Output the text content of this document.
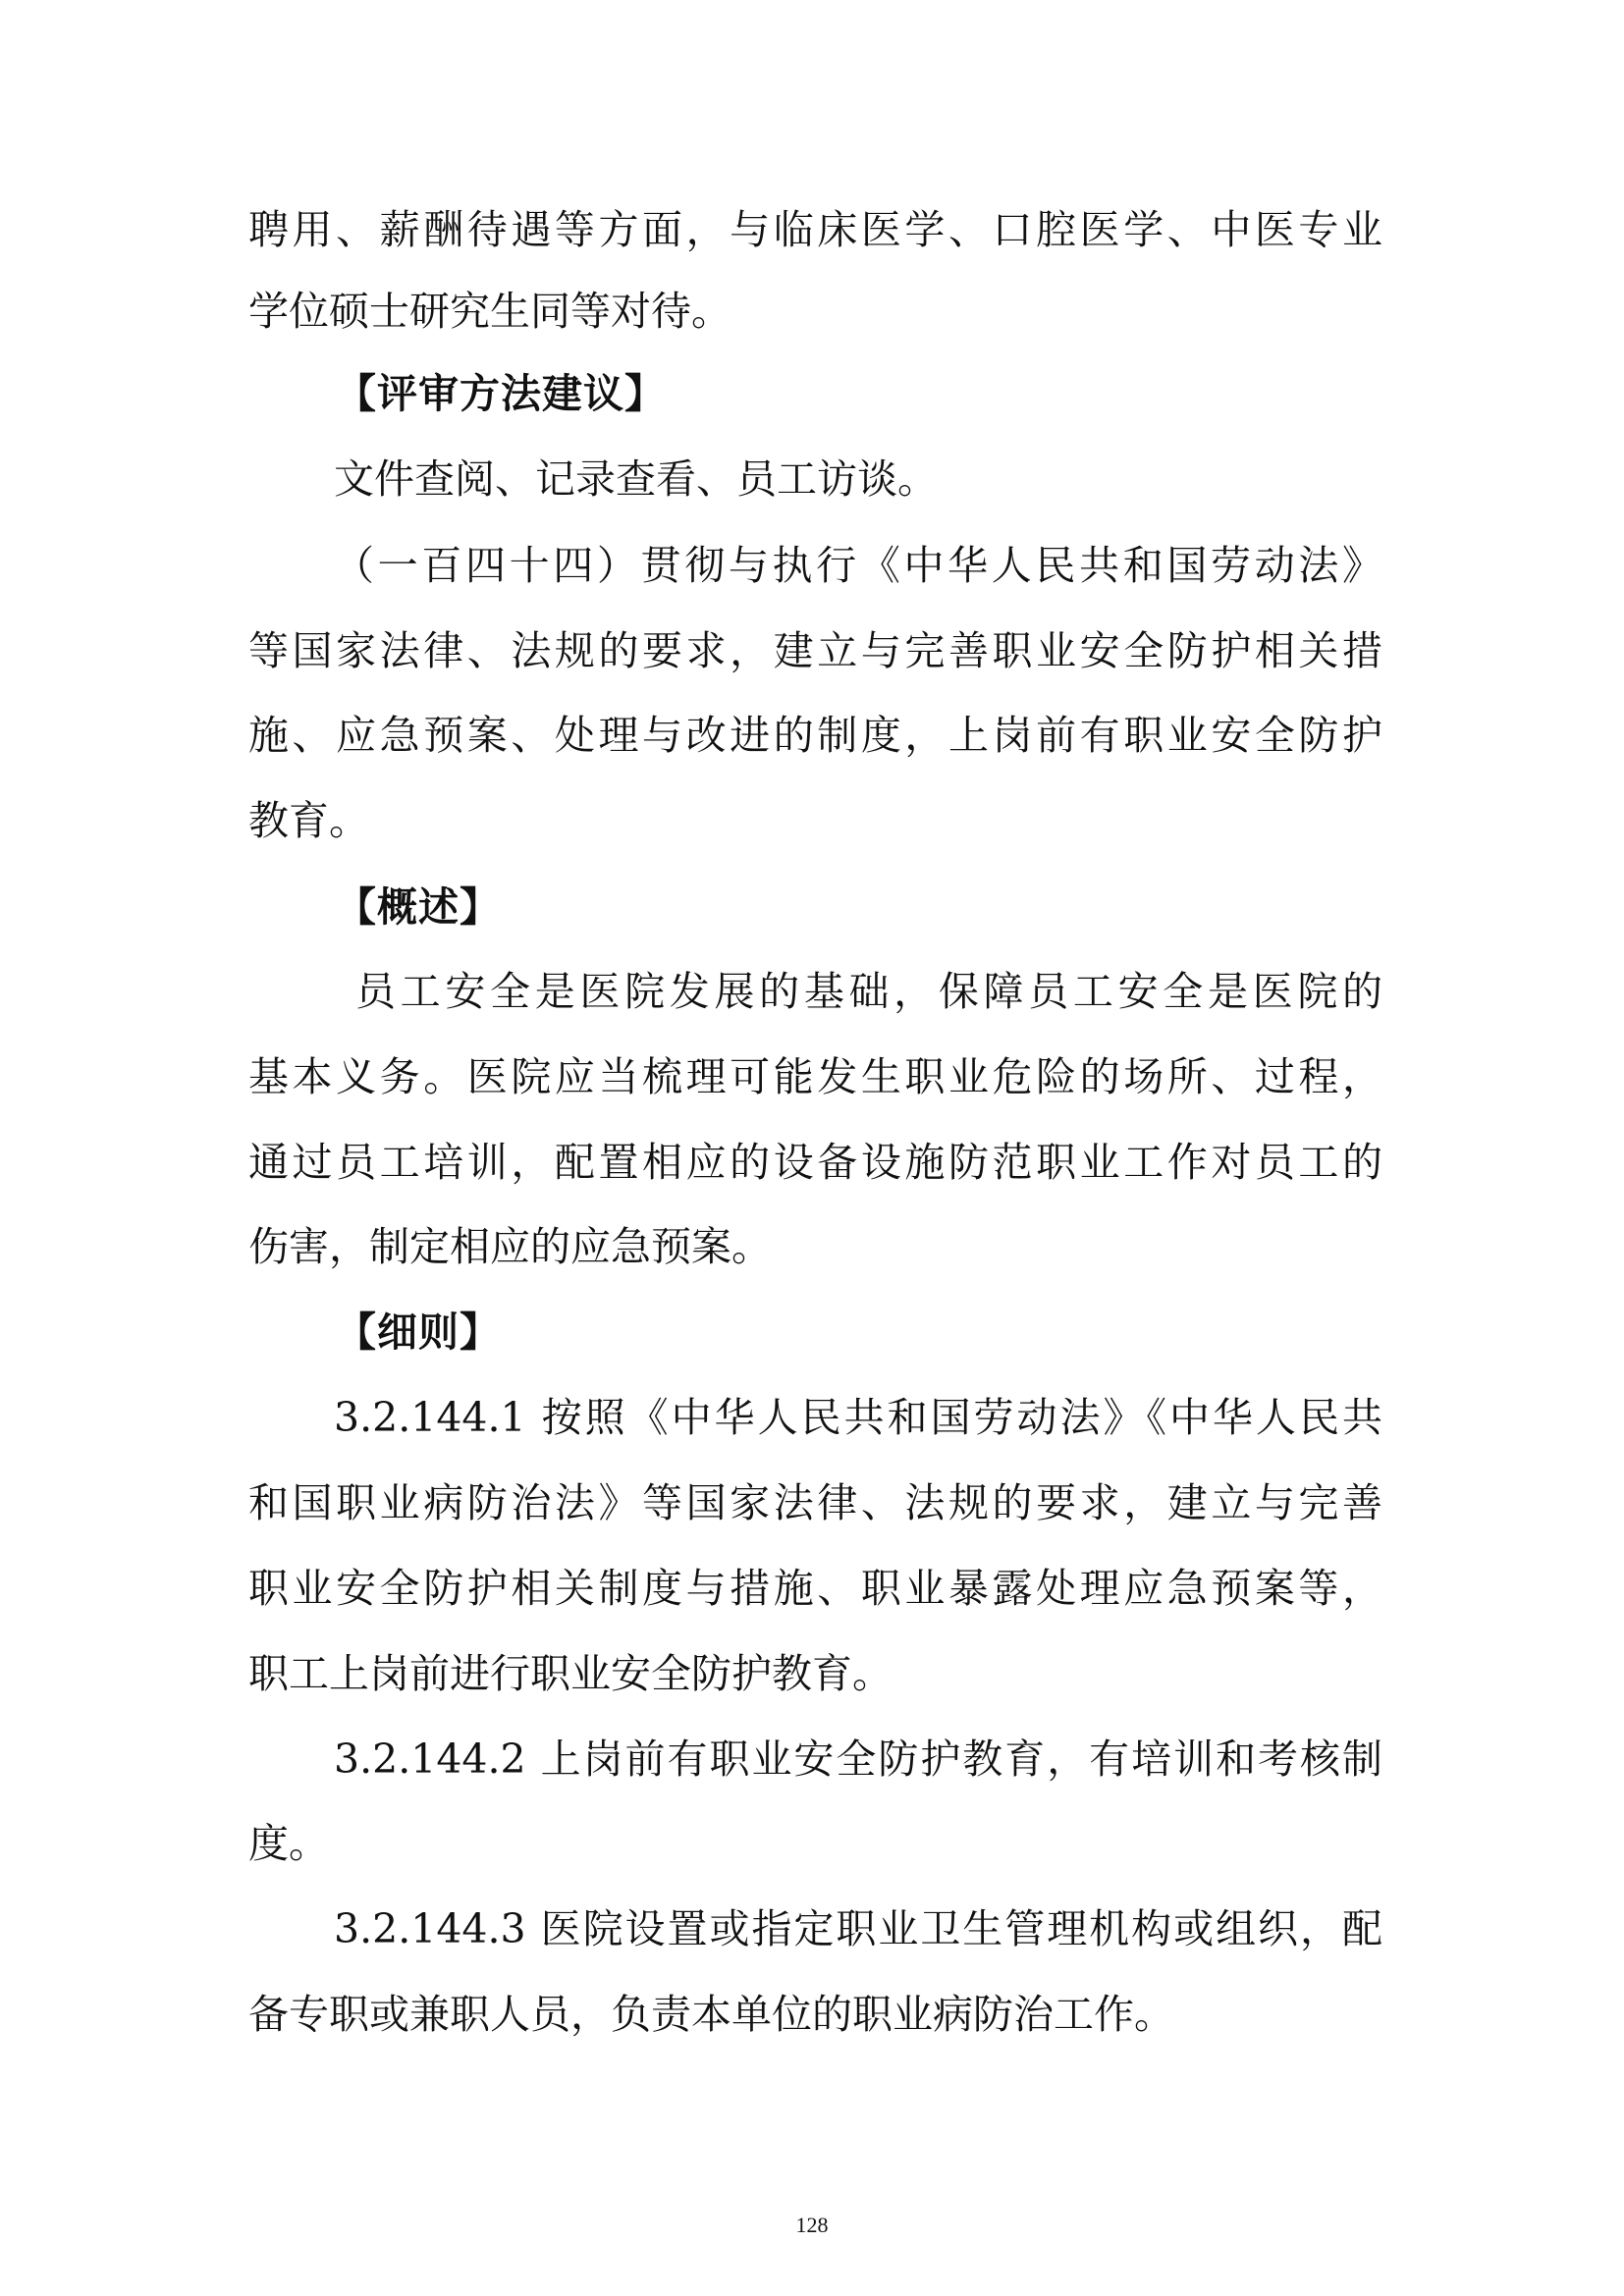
聘用、薪酬待遇等方面，与临床医学、口腔医学、中医专业
学位硕士研究生同等对待。
【评审方法建议】
文件查阅、记录查看、员工访谈。
（一百四十四）贯彻与执行《中华人民共和国劳动法》
等国家法律、法规的要求，建立与完善职业安全防护相关措
施、应急预案、处理与改进的制度，上岗前有职业安全防护
教育。
【概述】
员工安全是医院发展的基础，保障员工安全是医院的
基本义务。医院应当梳理可能发生职业危险的场所、过程，
通过员工培训，配置相应的设备设施防范职业工作对员工的
伤害，制定相应的应急预案。
【细则】
3.2.144.1 按照《中华人民共和国劳动法》《中华人民共
和国职业病防治法》等国家法律、法规的要求，建立与完善
职业安全防护相关制度与措施、职业暴露处理应急预案等，
职工上岗前进行职业安全防护教育。
3.2.144.2 上岗前有职业安全防护教育，有培训和考核制
度。
3.2.144.3 医院设置或指定职业卫生管理机构或组织，配
备专职或兼职人员，负责本单位的职业病防治工作。
128
